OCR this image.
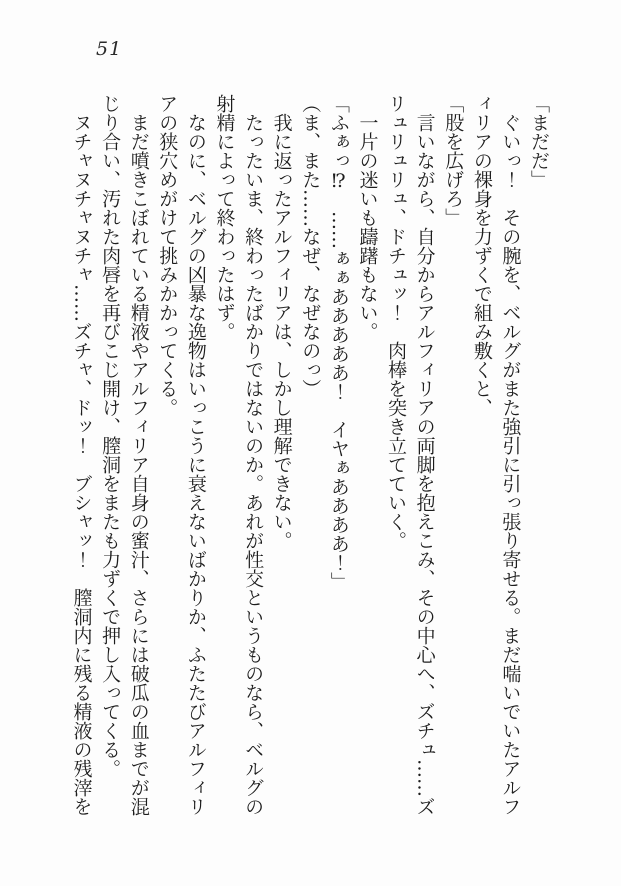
51

「まだだ」

　ぐいっ！　その腕を、ベルグがまた強引に引っ張り寄せる。まだ喘いでいたアルフ

ィリアの裸身を力ずくで組み敷くと、

「股を広げろ」

　言いながら、自分からアルフィリアの両脚を抱えこみ、その中心へ、ズチュ……ズ

リュリュリュ、ドチュッ！　肉棒を突き立てていく。

　一片の迷いも躊躇もない。

「ふぁっ⁉　……ぁぁあああああ！　イヤぁああああ！」

（ま、また……なぜ、なぜなのっ）

　我に返ったアルフィリアは、しかし理解できない。

　たったいま、終わったばかりではないのか。あれが性交というものなら、ベルグの

射精によって終わったはず。

　なのに、ベルグの凶暴な逸物はいっこうに衰えないばかりか、ふたたびアルフィリ

アの狭穴めがけて挑みかかってくる。

　まだ噴きこぼれている精液やアルフィリア自身の蜜汁、さらには破瓜の血までが混

じり合い、汚れた肉唇を再びこじ開け、膣洞をまたも力ずくで押し入ってくる。

　ヌチャヌチャヌチャ……ズチャ、ドッ！　ブシャッ！　膣洞内に残る精液の残滓を
